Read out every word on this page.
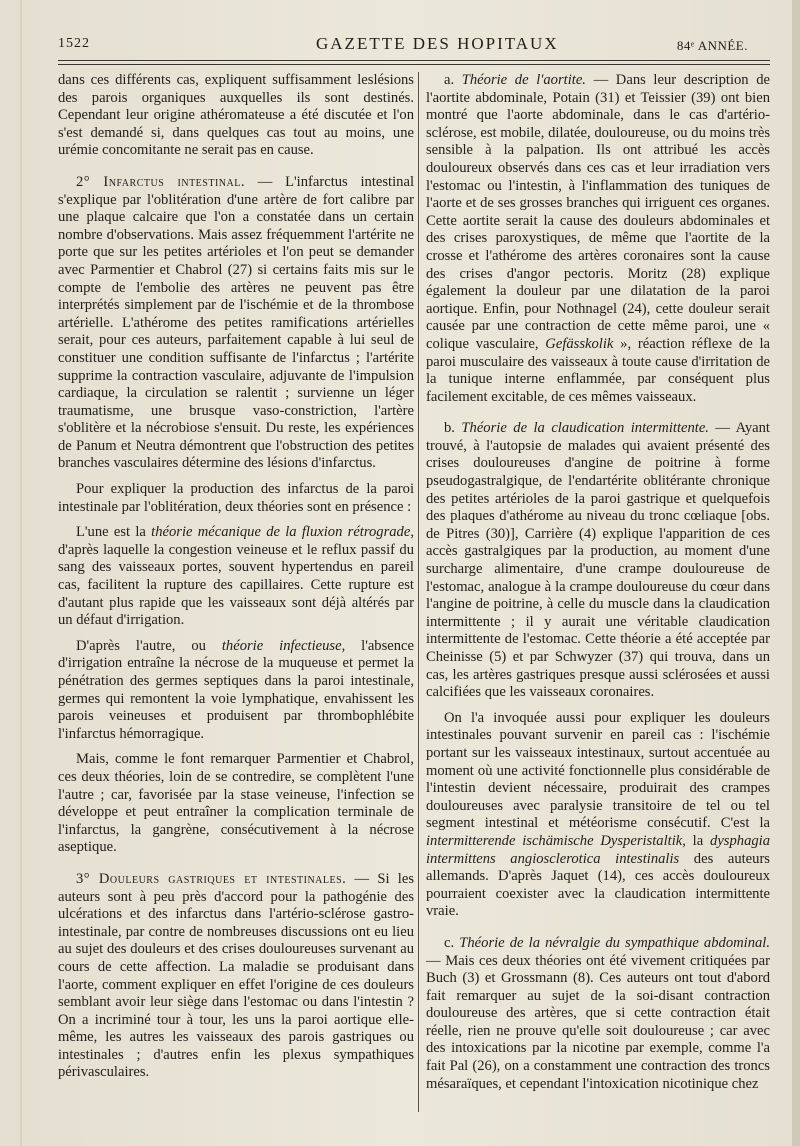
1522	GAZETTE DES HOPITAUX	84ᵉ ANNÉE.

dans ces différents cas, expliquent suffisamment leslésions des parois organiques auxquelles ils sont destinés. Cependant leur origine athéromateuse a été discutée et l'on s'est demandé si, dans quelques cas tout au moins, une urémie concomitante ne serait pas en cause.

2° Infarctus intestinal. — L'infarctus intestinal s'explique par l'oblitération d'une artère de fort calibre par une plaque calcaire que l'on a constatée dans un certain nombre d'observations. Mais assez fréquemment l'artérite ne porte que sur les petites artérioles et l'on peut se demander avec Parmentier et Chabrol (27) si certains faits mis sur le compte de l'embolie des artères ne peuvent pas être interprétés simplement par de l'ischémie et de la thrombose artérielle. L'athérome des petites ramifications artérielles serait, pour ces auteurs, parfaitement capable à lui seul de constituer une condition suffisante de l'infarctus ; l'artérite supprime la contraction vasculaire, adjuvante de l'impulsion cardiaque, la circulation se ralentit ; survienne un léger traumatisme, une brusque vaso-constriction, l'artère s'oblitère et la nécrobiose s'ensuit. Du reste, les expériences de Panum et Neutra démontrent que l'obstruction des petites branches vasculaires détermine des lésions d'infarctus.

Pour expliquer la production des infarctus de la paroi intestinale par l'oblitération, deux théories sont en présence :

L'une est la théorie mécanique de la fluxion rétrograde, d'après laquelle la congestion veineuse et le reflux passif du sang des vaisseaux portes, souvent hypertendus en pareil cas, facilitent la rupture des capillaires. Cette rupture est d'autant plus rapide que les vaisseaux sont déjà altérés par un défaut d'irrigation.

D'après l'autre, ou théorie infectieuse, l'absence d'irrigation entraîne la nécrose de la muqueuse et permet la pénétration des germes septiques dans la paroi intestinale, germes qui remontent la voie lymphatique, envahissent les parois veineuses et produisent par thrombophlébite l'infarctus hémorragique.

Mais, comme le font remarquer Parmentier et Chabrol, ces deux théories, loin de se contredire, se complètent l'une l'autre ; car, favorisée par la stase veineuse, l'infection se développe et peut entraîner la complication terminale de l'infarctus, la gangrène, consécutivement à la nécrose aseptique.

3° Douleurs gastriques et intestinales. — Si les auteurs sont à peu près d'accord pour la pathogénie des ulcérations et des infarctus dans l'artério-sclérose gastro-intestinale, par contre de nombreuses discussions ont eu lieu au sujet des douleurs et des crises douloureuses survenant au cours de cette affection. La maladie se produisant dans l'aorte, comment expliquer en effet l'origine de ces douleurs semblant avoir leur siège dans l'estomac ou dans l'intestin ? On a incriminé tour à tour, les uns la paroi aortique elle-même, les autres les vaisseaux des parois gastriques ou intestinales ; d'autres enfin les plexus sympathiques périvasculaires.

a. Théorie de l'aortite. — Dans leur description de l'aortite abdominale, Potain (31) et Teissier (39) ont bien montré que l'aorte abdominale, dans le cas d'artério-sclérose, est mobile, dilatée, douloureuse, ou du moins très sensible à la palpation. Ils ont attribué les accès douloureux observés dans ces cas et leur irradiation vers l'estomac ou l'intestin, à l'inflammation des tuniques de l'aorte et de ses grosses branches qui irriguent ces organes. Cette aortite serait la cause des douleurs abdominales et des crises paroxystiques, de même que l'aortite de la crosse et l'athérome des artères coronaires sont la cause des crises d'angor pectoris. Moritz (28) explique également la douleur par une dilatation de la paroi aortique. Enfin, pour Nothnagel (24), cette douleur serait causée par une contraction de cette même paroi, une « colique vasculaire, Gefässkolik », réaction réflexe de la paroi musculaire des vaisseaux à toute cause d'irritation de la tunique interne enflammée, par conséquent plus facilement excitable, de ces mêmes vaisseaux.

b. Théorie de la claudication intermittente. — Ayant trouvé, à l'autopsie de malades qui avaient présenté des crises douloureuses d'angine de poitrine à forme pseudogastralgique, de l'endartérite oblitérante chronique des petites artérioles de la paroi gastrique et quelquefois des plaques d'athérome au niveau du tronc cœliaque [obs. de Pitres (30)], Carrière (4) explique l'apparition de ces accès gastralgiques par la production, au moment d'une surcharge alimentaire, d'une crampe douloureuse de l'estomac, analogue à la crampe douloureuse du cœur dans l'angine de poitrine, à celle du muscle dans la claudication intermittente ; il y aurait une véritable claudication intermittente de l'estomac. Cette théorie a été acceptée par Cheinisse (5) et par Schwyzer (37) qui trouva, dans un cas, les artères gastriques presque aussi sclérosées et aussi calcifiées que les vaisseaux coronaires.

On l'a invoquée aussi pour expliquer les douleurs intestinales pouvant survenir en pareil cas : l'ischémie portant sur les vaisseaux intestinaux, surtout accentuée au moment où une activité fonctionnelle plus considérable de l'intestin devient nécessaire, produirait des crampes douloureuses avec paralysie transitoire de tel ou tel segment intestinal et météorisme consécutif. C'est la intermitterende ischämische Dysperistaltik, la dysphagia intermittens angiosclerotica intestinalis des auteurs allemands. D'après Jaquet (14), ces accès douloureux pourraient coexister avec la claudication intermittente vraie.

c. Théorie de la névralgie du sympathique abdominal. — Mais ces deux théories ont été vivement critiquées par Buch (3) et Grossmann (8). Ces auteurs ont tout d'abord fait remarquer au sujet de la soi-disant contraction douloureuse des artères, que si cette contraction était réelle, rien ne prouve qu'elle soit douloureuse ; car avec des intoxications par la nicotine par exemple, comme l'a fait Pal (26), on a constamment une contraction des troncs mésaraïques, et cependant l'intoxication nicotinique chez
